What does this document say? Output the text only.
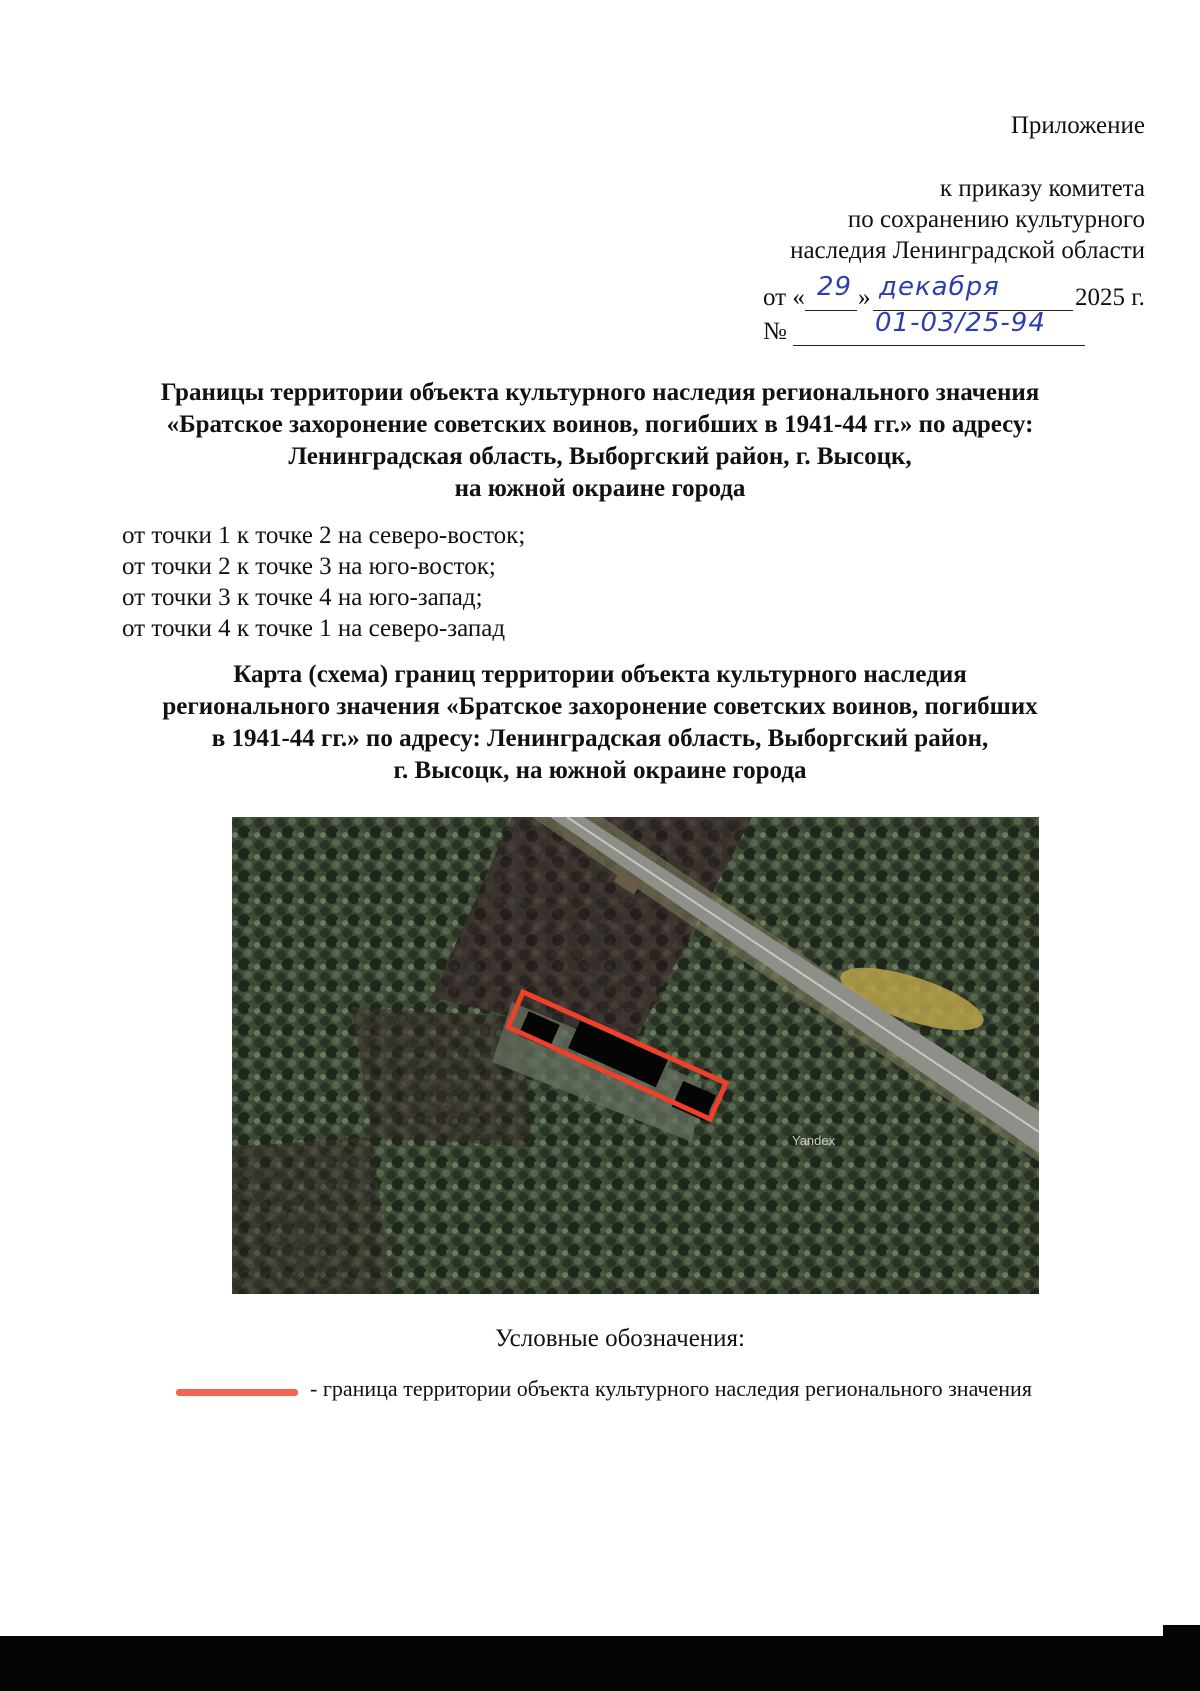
Приложение
к приказу комитета
по сохранению культурного
наследия Ленинградской области
от « 29 » декабря	2025 г.
№	01-03/25-94
Границы территории объекта культурного наследия регионального значения
«Братское захоронение советских воинов, погибших в 1941-44 гг.» по адресу:
Ленинградская область, Выборгский район, г. Высоцк,
на южной окраине города
от точки 1 к точке 2 на северо-восток;
от точки 2 к точке 3 на юго-восток;
от точки 3 к точке 4 на юго-запад;
от точки 4 к точке 1 на северо-запад
Карта (схема) границ территории объекта культурного наследия
регионального значения «Братское захоронение советских воинов, погибших
в 1941-44 гг.» по адресу: Ленинградская область, Выборгский район,
г. Высоцк, на южной окраине города
Yandex
Условные обозначения:
- граница территории объекта культурного наследия регионального значения
